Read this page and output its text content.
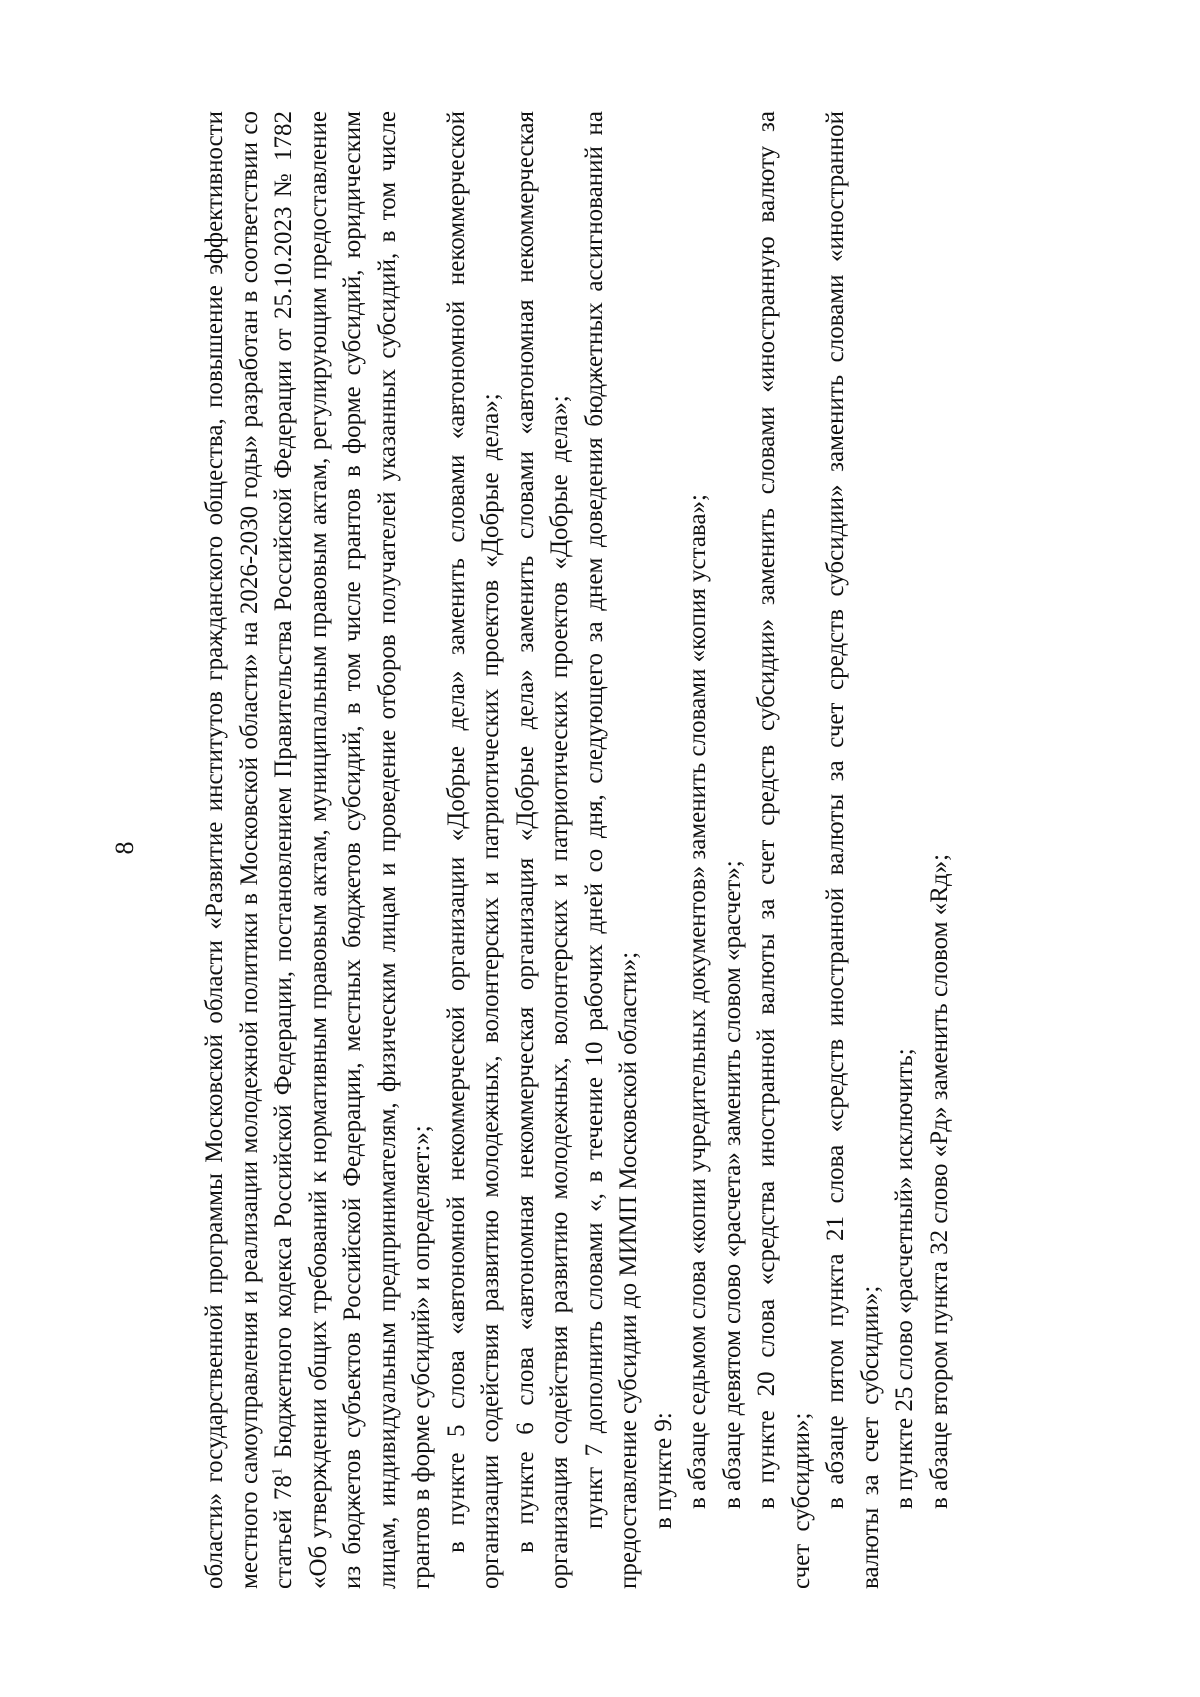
8 области» государственной программы Московской области «Развитие институтов гражданского общества, повышение эффективности местного самоуправления и реализации молодежной политики в Московской области» на 2026-2030 годы» разработан в соответствии со статьей $78^1$ Бюджетного кодекса Российской Федерации, постановлением Правительства Российской Федерации от 25.10.2023 № 1782 «Об утверждении общих требований к нормативным правовым актам, муниципальным правовым актам, регулирующим предоставление из бюджетов субъектов Российской Федерации, местных бюджетов субсидий, в том числе грантов в форме субсидий, юридическим лицам, индивидуальным предпринимателям, физическим лицам и проведение отборов получателей указанных субсидий, в том числе грантов в форме субсидий» и определяет:»; в пункте 5 слова «автономной некоммерческой организации «Добрые дела» заменить словами «автономной некоммерческой организации содействия развитию молодежных, волонтерских и патриотических проектов «Добрые дела»; в пункте 6 слова «автономная некоммерческая организация «Добрые дела» заменить словами «автономная некоммерческая организация содействия развитию молодежных, волонтерских и патриотических проектов «Добрые дела»; пункт 7 дополнить словами «, в течение 10 рабочих дней со дня, следующего за днем доведения бюджетных ассигнований на предоставление субсидии до МИМП Московской области»; в пункте 9: в абзаце седьмом слова «копии учредительных документов» заменить словами «копия устава»; в абзаце девятом слово «расчета» заменить словом «расчет»; в пункте 20 слова «средства иностранной валюты за счет средств субсидии» заменить словами «иностранную валюту за счет субсидии»; в абзаце пятом пункта 21 слова «средств иностранной валюты за счет средств субсидии» заменить словами «иностранной валюты за счет субсидии»; в пункте 25 слово «расчетный» исключить; в абзаце втором пункта 32 слово «Рд» заменить словом «Rд»;
